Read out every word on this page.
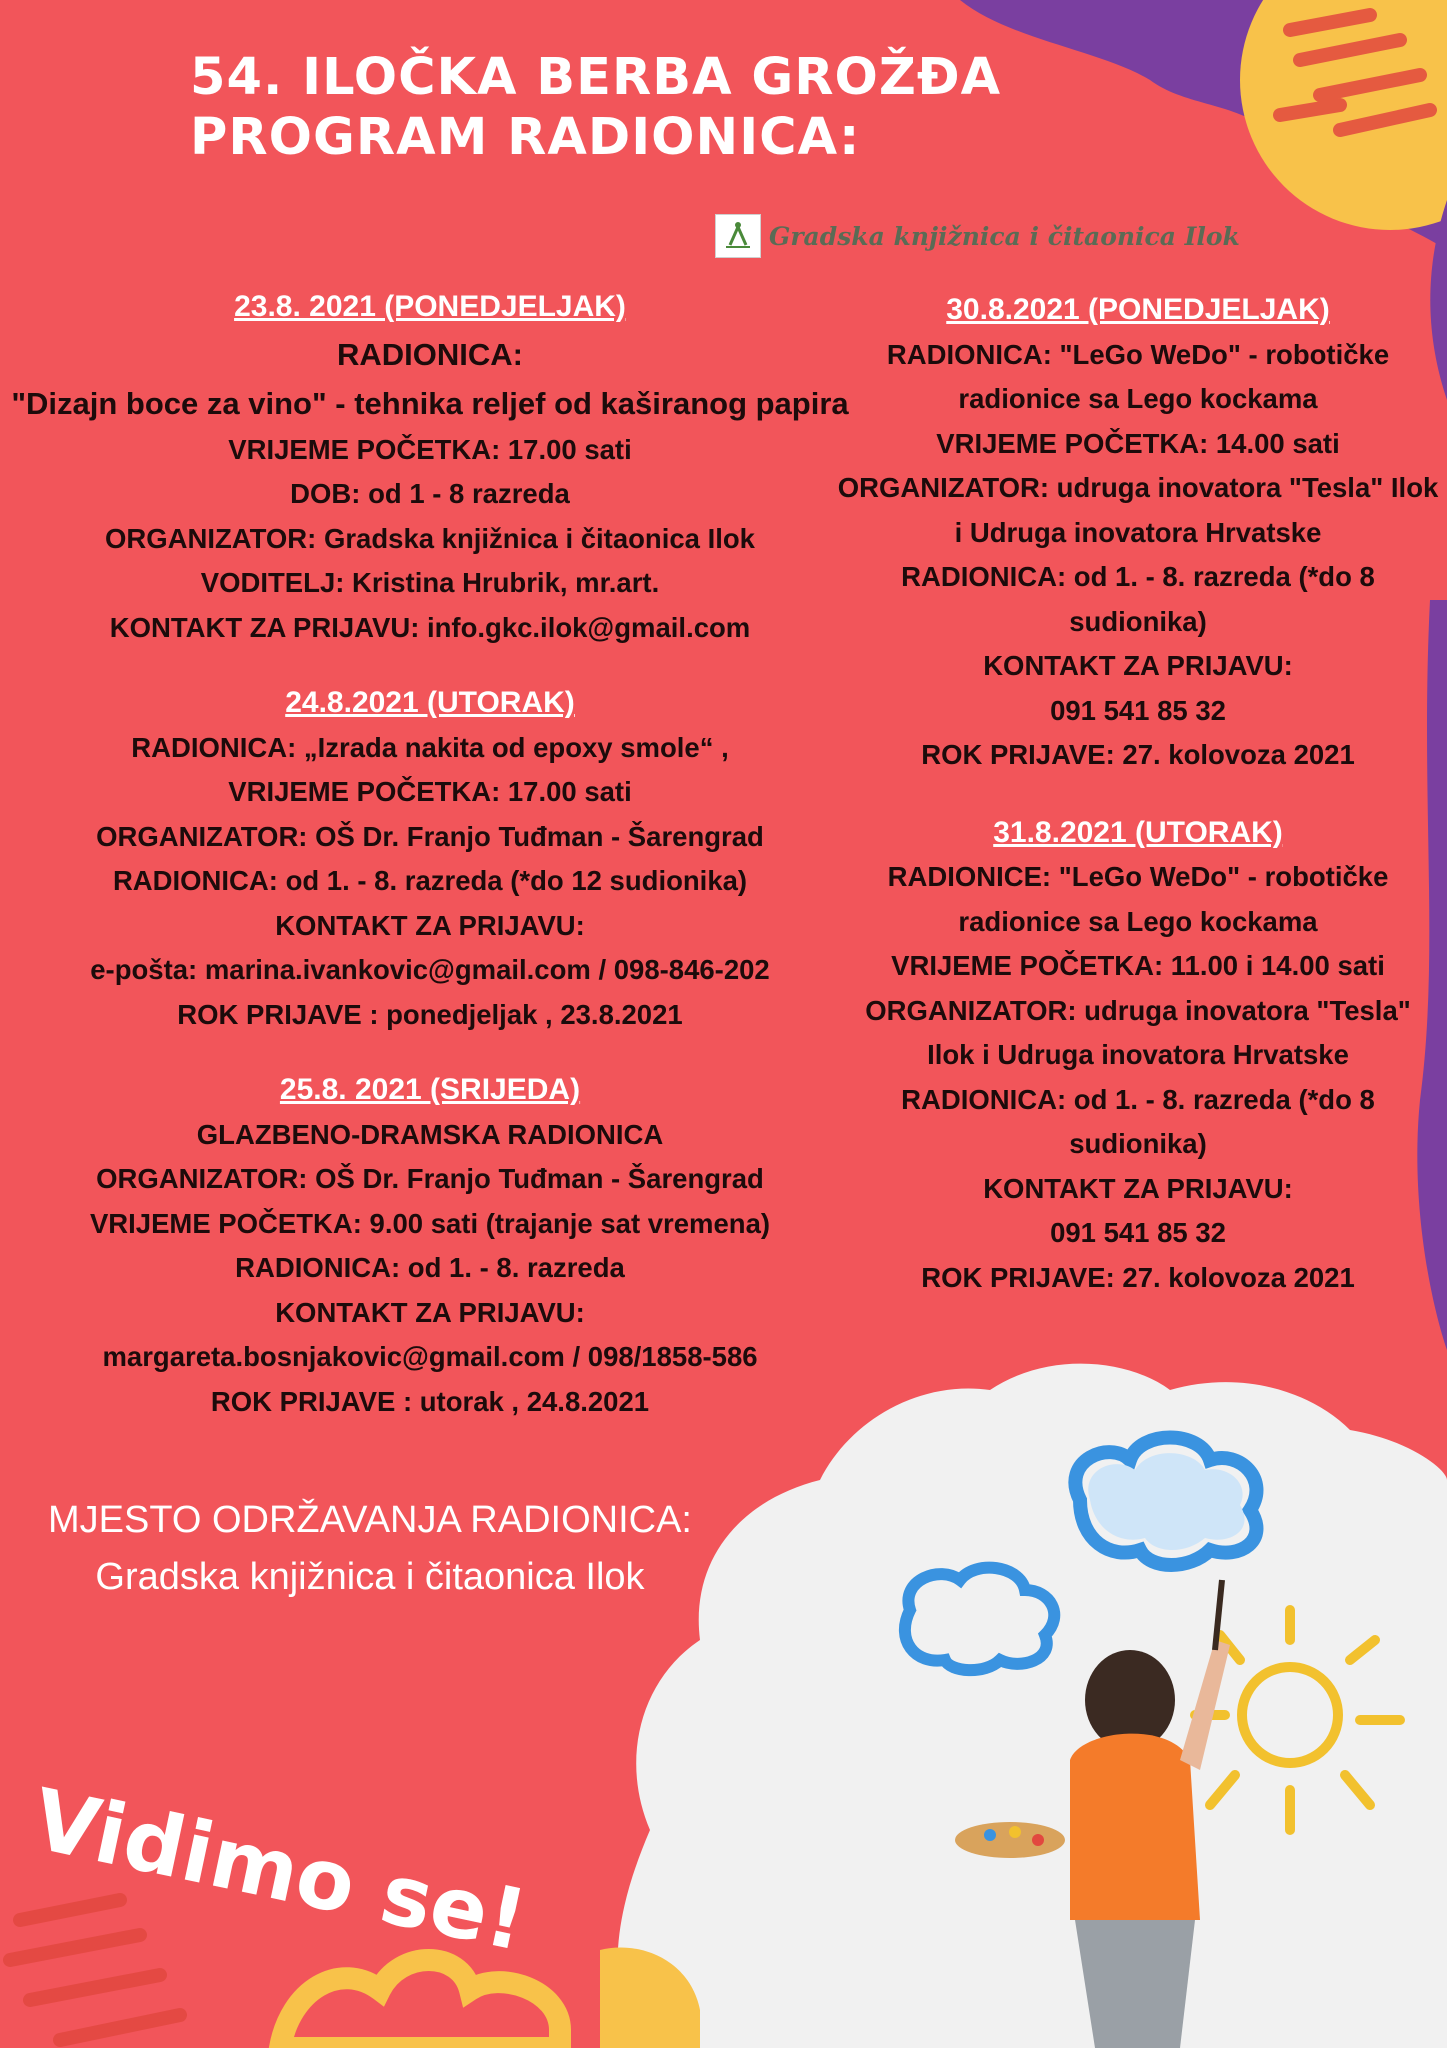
54. ILOČKA BERBA GROŽĐA
PROGRAM RADIONICA:
Gradska knjižnica i čitaonica Ilok
23.8. 2021 (PONEDJELJAK)
RADIONICA:
"Dizajn boce za vino" - tehnika reljef od kaširanog papira
VRIJEME POČETKA: 17.00 sati
DOB: od 1 - 8 razreda
ORGANIZATOR: Gradska knjižnica i čitaonica Ilok
VODITELJ: Kristina Hrubrik, mr.art.
KONTAKT ZA PRIJAVU: info.gkc.ilok@gmail.com
24.8.2021 (UTORAK)
RADIONICA: „Izrada nakita od epoxy smole“ ,
VRIJEME POČETKA: 17.00 sati
ORGANIZATOR: OŠ Dr. Franjo Tuđman - Šarengrad
RADIONICA: od 1. - 8. razreda (*do 12 sudionika)
KONTAKT ZA PRIJAVU:
e-pošta: marina.ivankovic@gmail.com / 098-846-202
ROK PRIJAVE : ponedjeljak , 23.8.2021
25.8. 2021 (SRIJEDA)
GLAZBENO-DRAMSKA RADIONICA
ORGANIZATOR: OŠ Dr. Franjo Tuđman - Šarengrad
VRIJEME POČETKA: 9.00 sati (trajanje sat vremena)
RADIONICA: od 1. - 8. razreda
KONTAKT ZA PRIJAVU:
margareta.bosnjakovic@gmail.com / 098/1858-586
ROK PRIJAVE : utorak , 24.8.2021
30.8.2021 (PONEDJELJAK)
RADIONICA: "LeGo WeDo" - robotičke
radionice sa Lego kockama
VRIJEME POČETKA: 14.00 sati
ORGANIZATOR: udruga inovatora "Tesla" Ilok
i Udruga inovatora Hrvatske
RADIONICA: od 1. - 8. razreda (*do 8
sudionika)
KONTAKT ZA PRIJAVU:
091 541 85 32
ROK PRIJAVE: 27. kolovoza 2021
31.8.2021 (UTORAK)
RADIONICE: "LeGo WeDo" - robotičke
radionice sa Lego kockama
VRIJEME POČETKA: 11.00 i 14.00 sati
ORGANIZATOR: udruga inovatora "Tesla"
Ilok i Udruga inovatora Hrvatske
RADIONICA: od 1. - 8. razreda (*do 8
sudionika)
KONTAKT ZA PRIJAVU:
091 541 85 32
ROK PRIJAVE: 27. kolovoza 2021
MJESTO ODRŽAVANJA RADIONICA:
Gradska knjižnica i čitaonica Ilok
Vidimo se!
